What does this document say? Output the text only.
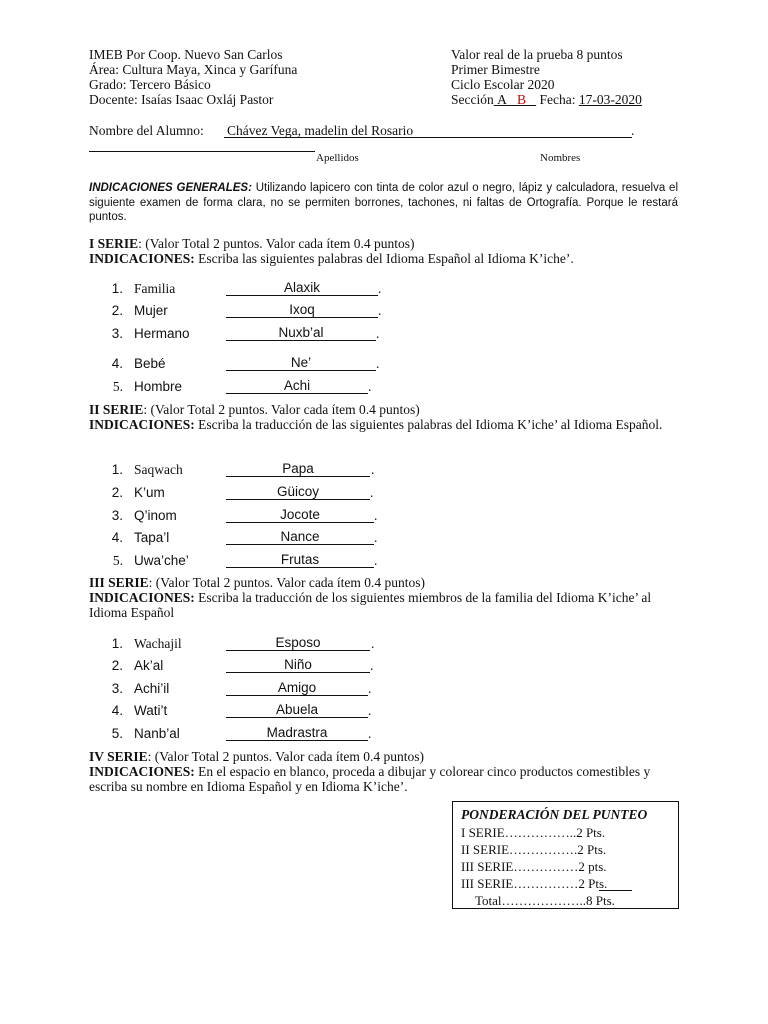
IMEB Por Coop. Nuevo San Carlos
Área: Cultura Maya, Xinca y Garífuna
Grado: Tercero Básico
Docente: Isaías Isaac Oxláj Pastor
Valor real de la prueba 8 puntos
Primer Bimestre
Ciclo Escolar 2020
Sección A B Fecha: 17-03-2020
Nombre del Alumno: Chávez Vega, madelin del Rosario	.
Apellidos	Nombres
INDICACIONES GENERALES: Utilizando lapicero con tinta de color azul o negro, lápiz y calculadora, resuelva el siguiente examen de forma clara, no se permiten borrones, tachones, ni faltas de Ortografía. Porque le restará puntos.
I SERIE: (Valor Total 2 puntos. Valor cada ítem 0.4 puntos)
INDICACIONES: Escriba las siguientes palabras del Idioma Español al Idioma K’iche’.
1. Familia	Alaxik	.
2. Mujer	Ixoq	.
3. Hermano	Nuxb’al	.
4. Bebé	Ne’	.
5. Hombre	Achi	.
II SERIE: (Valor Total 2 puntos. Valor cada ítem 0.4 puntos)
INDICACIONES: Escriba la traducción de las siguientes palabras del Idioma K’iche’ al Idioma Español.
1. Saqwach	Papa	.
2. K’um	Güicoy	.
3. Q’inom	Jocote	.
4. Tapa’l	Nance	.
5. Uwa’che’	Frutas	.
III SERIE: (Valor Total 2 puntos. Valor cada ítem 0.4 puntos)
INDICACIONES: Escriba la traducción de los siguientes miembros de la familia del Idioma K’iche’ al Idioma Español
1. Wachajil	Esposo	.
2. Ak’al	Niño	.
3. Achi’il	Amigo	.
4. Wati’t	Abuela	.
5. Nanb’al	Madrastra	.
IV SERIE: (Valor Total 2 puntos. Valor cada ítem 0.4 puntos)
INDICACIONES: En el espacio en blanco, proceda a dibujar y colorear cinco productos comestibles y escriba su nombre en Idioma Español y en Idioma K’iche’.
PONDERACIÓN DEL PUNTEO
I SERIE……………..2 Pts.
II SERIE…………….2 Pts.
III SERIE……………2 pts.
III SERIE……………2 Pts.
Total………………..8 Pts.
